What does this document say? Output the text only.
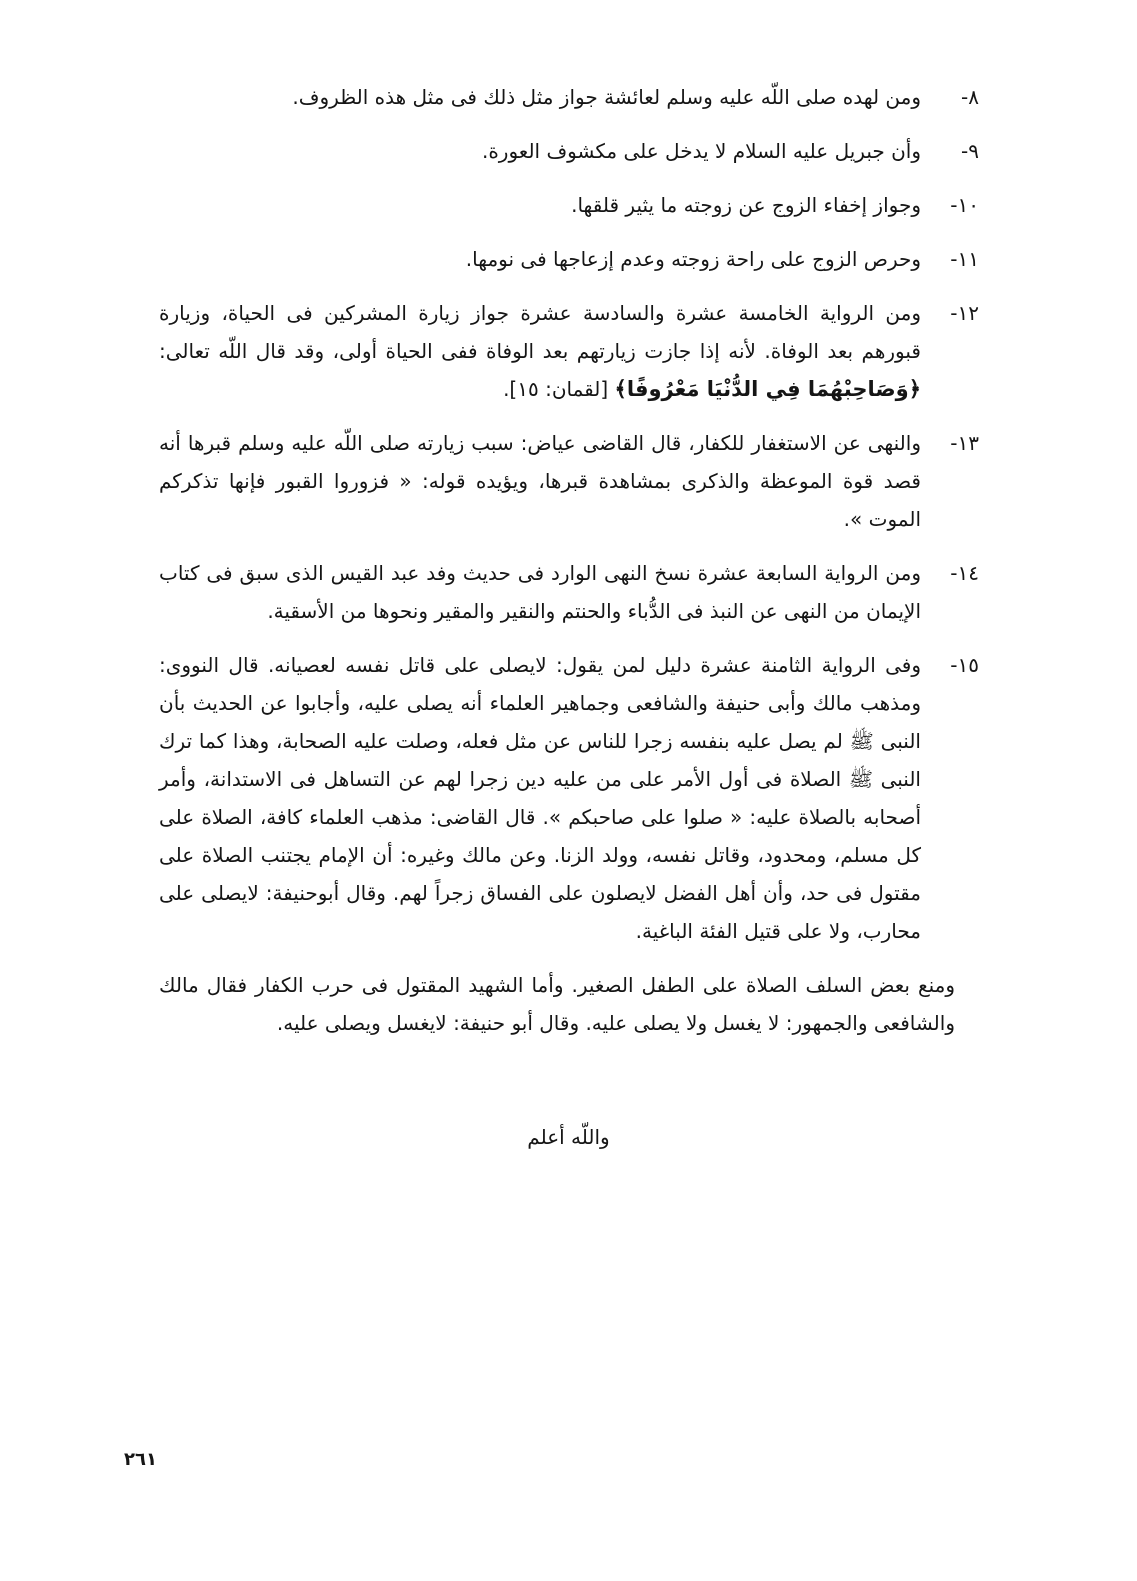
٨-
ومن لهده صلى اللّه عليه وسلم لعائشة جواز مثل ذلك فى مثل هذه الظروف.
٩-
وأن جبريل عليه السلام لا يدخل على مكشوف العورة.
١٠-
وجواز إخفاء الزوج عن زوجته ما يثير قلقها.
١١-
وحرص الزوج على راحة زوجته وعدم إزعاجها فى نومها.
١٢-
ومن الرواية الخامسة عشرة والسادسة عشرة جواز زيارة المشركين فى الحياة، وزيارة قبورهم بعد الوفاة. لأنه إذا جازت زيارتهم بعد الوفاة ففى الحياة أولى، وقد قال اللّه تعالى: ﴿وَصَاحِبْهُمَا فِي الدُّنْيَا مَعْرُوفًا﴾ [لقمان: ١٥].
١٣-
والنهى عن الاستغفار للكفار، قال القاضى عياض: سبب زيارته صلى اللّه عليه وسلم قبرها أنه قصد قوة الموعظة والذكرى بمشاهدة قبرها، ويؤيده قوله: « فزوروا القبور فإنها تذكركم الموت ».
١٤-
ومن الرواية السابعة عشرة نسخ النهى الوارد فى حديث وفد عبد القيس الذى سبق فى كتاب الإيمان من النهى عن النبذ فى الدُّباء والحنتم والنقير والمقير ونحوها من الأسقية.
١٥-
وفى الرواية الثامنة عشرة دليل لمن يقول: لايصلى على قاتل نفسه لعصيانه. قال النووى: ومذهب مالك وأبى حنيفة والشافعى وجماهير العلماء أنه يصلى عليه، وأجابوا عن الحديث بأن النبى ﷺ لم يصل عليه بنفسه زجرا للناس عن مثل فعله، وصلت عليه الصحابة، وهذا كما ترك النبى ﷺ الصلاة فى أول الأمر على من عليه دين زجرا لهم عن التساهل فى الاستدانة، وأمر أصحابه بالصلاة عليه: « صلوا على صاحبكم ». قال القاضى: مذهب العلماء كافة، الصلاة على كل مسلم، ومحدود، وقاتل نفسه، وولد الزنا. وعن مالك وغيره: أن الإمام يجتنب الصلاة على مقتول فى حد، وأن أهل الفضل لايصلون على الفساق زجراً لهم. وقال أبوحنيفة: لايصلى على محارب، ولا على قتيل الفئة الباغية.

ومنع بعض السلف الصلاة على الطفل الصغير. وأما الشهيد المقتول فى حرب الكفار فقال مالك والشافعى والجمهور: لا يغسل ولا يصلى عليه. وقال أبو حنيفة: لايغسل ويصلى عليه.

واللّه أعلم
٢٦١
